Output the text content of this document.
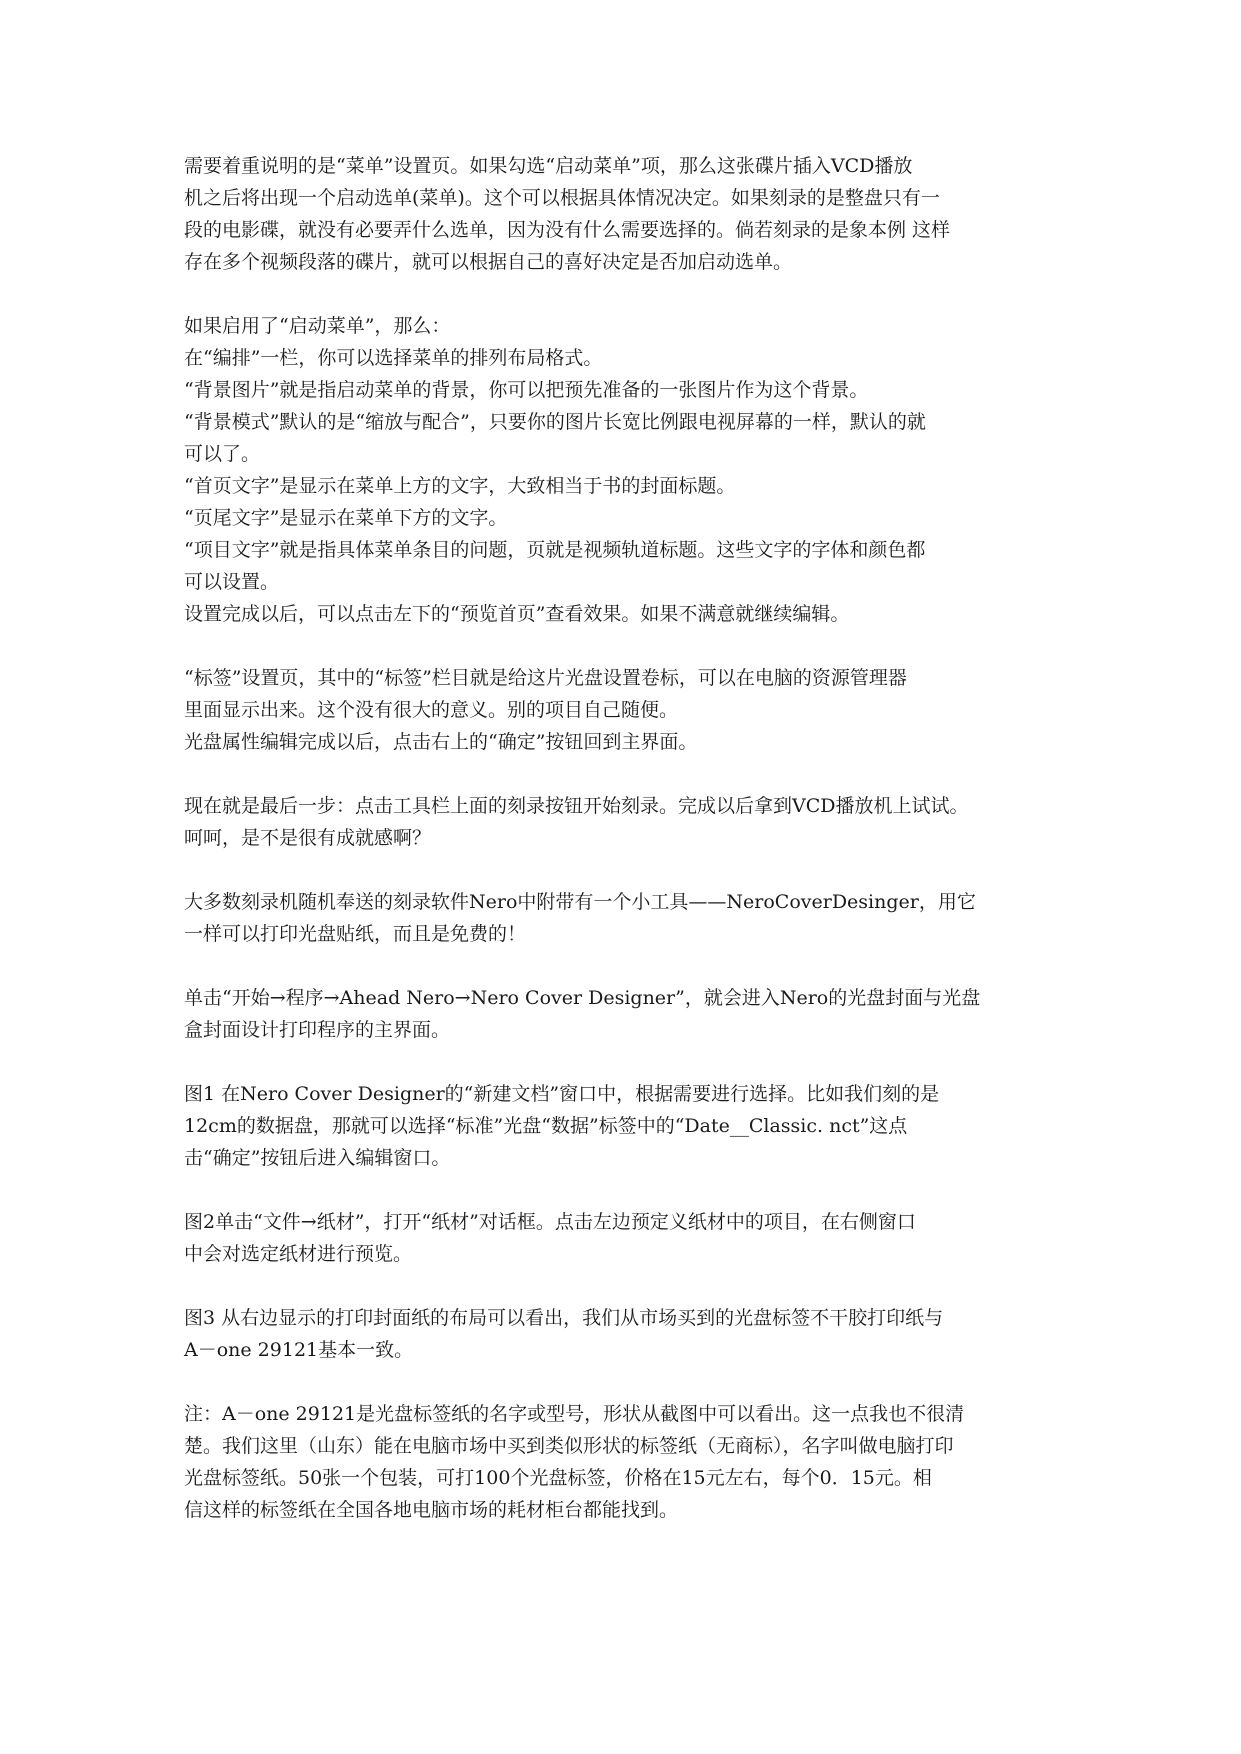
需要着重说明的是“菜单”设置页。如果勾选“启动菜单”项，那么这张碟片插入VCD播放
机之后将出现一个启动选单(菜单)。这个可以根据具体情况决定。如果刻录的是整盘只有一
段的电影碟，就没有必要弄什么选单，因为没有什么需要选择的。倘若刻录的是象本例 这样
存在多个视频段落的碟片，就可以根据自己的喜好决定是否加启动选单。
如果启用了“启动菜单”，那么：
在“编排”一栏，你可以选择菜单的排列布局格式。
“背景图片”就是指启动菜单的背景，你可以把预先准备的一张图片作为这个背景。
“背景模式”默认的是“缩放与配合”，只要你的图片长宽比例跟电视屏幕的一样，默认的就
可以了。
“首页文字”是显示在菜单上方的文字，大致相当于书的封面标题。
“页尾文字”是显示在菜单下方的文字。
“项目文字”就是指具体菜单条目的问题，页就是视频轨道标题。这些文字的字体和颜色都
可以设置。
设置完成以后，可以点击左下的“预览首页”查看效果。如果不满意就继续编辑。
“标签”设置页，其中的“标签”栏目就是给这片光盘设置卷标，可以在电脑的资源管理器
里面显示出来。这个没有很大的意义。别的项目自己随便。
光盘属性编辑完成以后，点击右上的“确定”按钮回到主界面。
现在就是最后一步：点击工具栏上面的刻录按钮开始刻录。完成以后拿到VCD播放机上试试。
呵呵，是不是很有成就感啊？
大多数刻录机随机奉送的刻录软件Nero中附带有一个小工具——NeroCoverDesinger，用它
一样可以打印光盘贴纸，而且是免费的！
单击“开始→程序→Ahead Nero→Nero Cover Designer”，就会进入Nero的光盘封面与光盘
盒封面设计打印程序的主界面。
图1 在Nero Cover Designer的“新建文档”窗口中，根据需要进行选择。比如我们刻的是
12cm的数据盘，那就可以选择“标准”光盘“数据”标签中的“Date__Classic. nct”这点
击“确定”按钮后进入编辑窗口。
图2单击“文件→纸材”，打开“纸材”对话框。点击左边预定义纸材中的项目，在右侧窗口
中会对选定纸材进行预览。
图3 从右边显示的打印封面纸的布局可以看出，我们从市场买到的光盘标签不干胶打印纸与
A－one 29121基本一致。
注：A－one 29121是光盘标签纸的名字或型号，形状从截图中可以看出。这一点我也不很清
楚。我们这里（山东）能在电脑市场中买到类似形状的标签纸（无商标），名字叫做电脑打印
光盘标签纸。50张一个包装，可打100个光盘标签，价格在15元左右，每个0．15元。相
信这样的标签纸在全国各地电脑市场的耗材柜台都能找到。
